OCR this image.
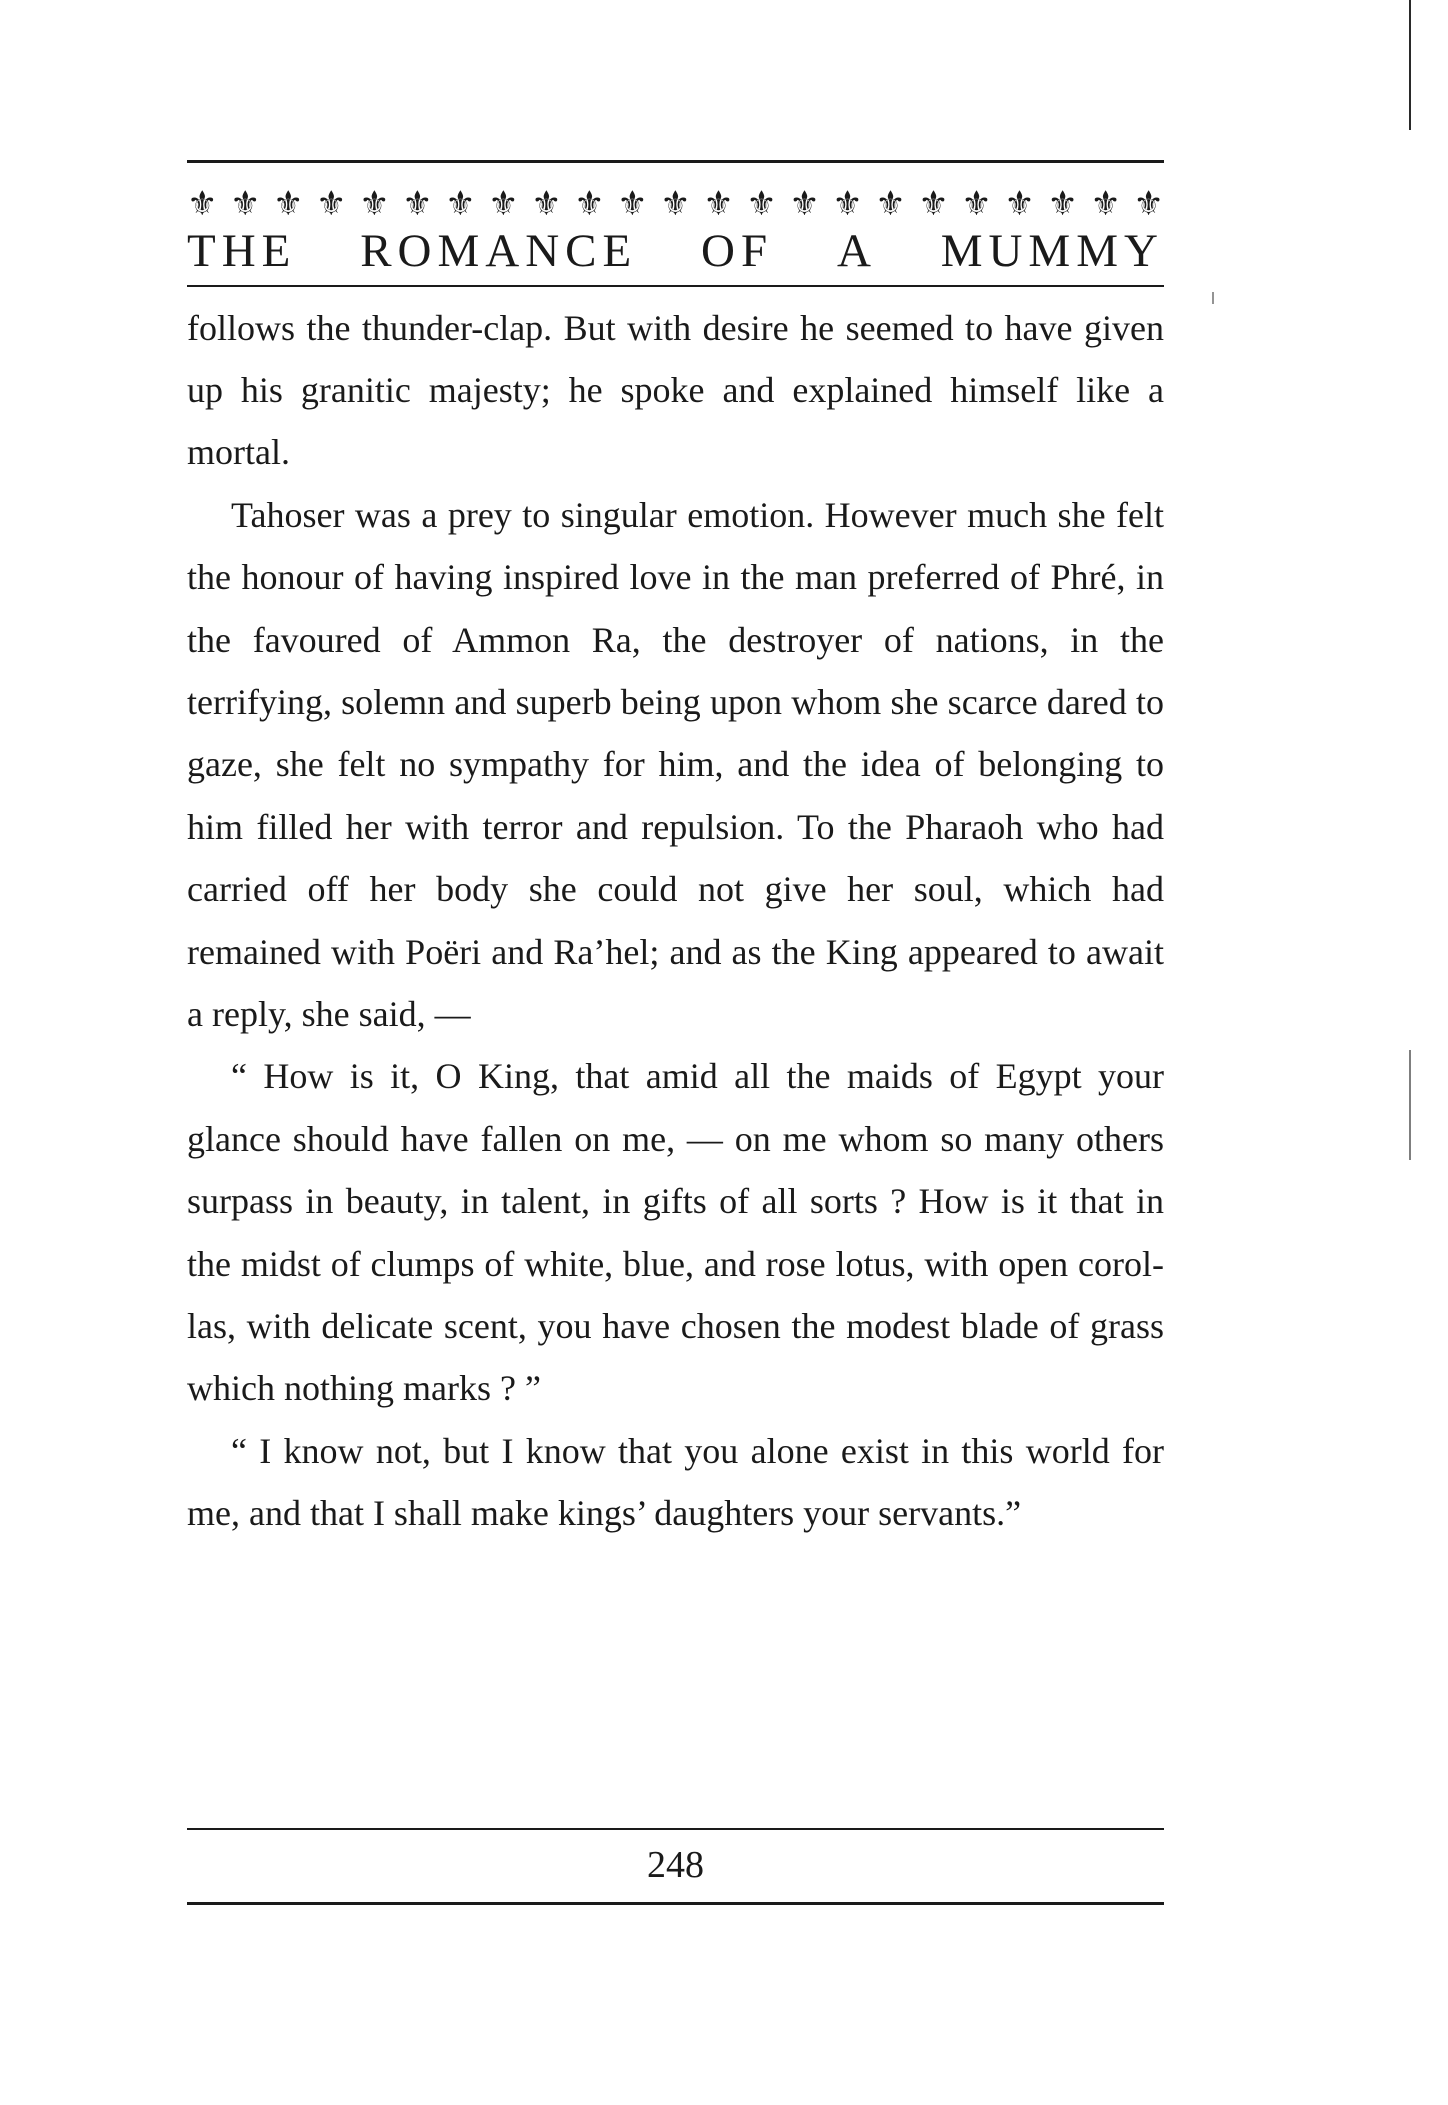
⚜ ⚜ ⚜ ⚜ ⚜ ⚜ ⚜ ⚜ ⚜ ⚜ ⚜ ⚜ ⚜ ⚜ ⚜ ⚜ ⚜ ⚜ ⚜ ⚜ ⚜ ⚜ ⚜
THE ROMANCE OF A MUMMY

follows the thunder-clap. But with desire he seemed to have given up his granitic majesty; he spoke and explained himself like a mortal.

Tahoser was a prey to singular emotion. However much she felt the honour of having inspired love in the man preferred of Phré, in the favoured of Ammon Ra, the destroyer of nations, in the terrifying, solemn and superb being upon whom she scarce dared to gaze, she felt no sympathy for him, and the idea of belonging to him filled her with terror and repulsion. To the Pharaoh who had carried off her body she could not give her soul, which had remained with Poëri and Ra’hel; and as the King appeared to await a reply, she said, —

“ How is it, O King, that amid all the maids of Egypt your glance should have fallen on me, — on me whom so many others surpass in beauty, in talent, in gifts of all sorts ? How is it that in the midst of clumps of white, blue, and rose lotus, with open corollas, with delicate scent, you have chosen the modest blade of grass which nothing marks ? ”

“ I know not, but I know that you alone exist in this world for me, and that I shall make kings’ daughters your servants.”

248
